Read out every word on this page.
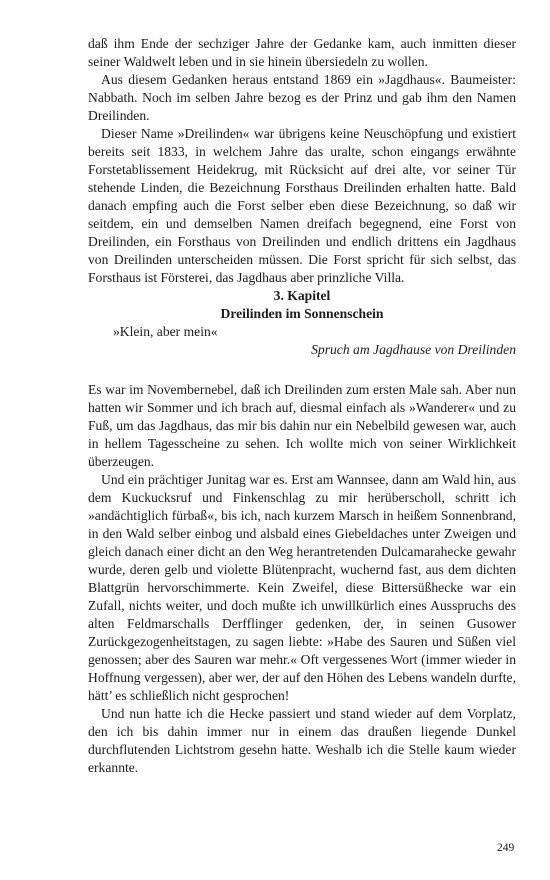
daß ihm Ende der sechziger Jahre der Gedanke kam, auch inmitten dieser seiner Waldwelt leben und in sie hinein übersiedeln zu wollen.

Aus diesem Gedanken heraus entstand 1869 ein »Jagdhaus«. Baumeister: Nabbath. Noch im selben Jahre bezog es der Prinz und gab ihm den Namen Dreilinden.

Dieser Name »Dreilinden« war übrigens keine Neuschöpfung und existiert bereits seit 1833, in welchem Jahre das uralte, schon eingangs erwähnte Forstetablissement Heidekrug, mit Rücksicht auf drei alte, vor seiner Tür stehende Linden, die Bezeichnung Forsthaus Dreilinden erhalten hatte. Bald danach empfing auch die Forst selber eben diese Bezeichnung, so daß wir seitdem, ein und demselben Namen dreifach begegnend, eine Forst von Dreilinden, ein Forsthaus von Dreilinden und endlich drittens ein Jagdhaus von Dreilinden unterscheiden müssen. Die Forst spricht für sich selbst, das Forsthaus ist Försterei, das Jagdhaus aber prinzliche Villa.

3. Kapitel

Dreilinden im Sonnenschein

»Klein, aber mein«

Spruch am Jagdhause von Dreilinden

Es war im Novembernebel, daß ich Dreilinden zum ersten Male sah. Aber nun hatten wir Sommer und ich brach auf, diesmal einfach als »Wanderer« und zu Fuß, um das Jagdhaus, das mir bis dahin nur ein Nebelbild gewesen war, auch in hellem Tagesscheine zu sehen. Ich wollte mich von seiner Wirklichkeit überzeugen.

Und ein prächtiger Junitag war es. Erst am Wannsee, dann am Wald hin, aus dem Kuckucksruf und Finkenschlag zu mir herüberscholl, schritt ich »andächtiglich fürbaß«, bis ich, nach kurzem Marsch in heißem Sonnenbrand, in den Wald selber einbog und alsbald eines Giebeldaches unter Zweigen und gleich danach einer dicht an den Weg herantretenden Dulcamarahecke gewahr wurde, deren gelb und violette Blütenpracht, wuchernd fast, aus dem dichten Blattgrün hervorschimmerte. Kein Zweifel, diese Bittersüßhecke war ein Zufall, nichts weiter, und doch mußte ich unwillkürlich eines Ausspruchs des alten Feldmarschalls Derfflinger gedenken, der, in seinen Gusower Zurückgezogenheitstagen, zu sagen liebte: »Habe des Sauren und Süßen viel genossen; aber des Sauren war mehr.« Oft vergessenes Wort (immer wieder in Hoffnung vergessen), aber wer, der auf den Höhen des Lebens wandeln durfte, hätt’ es schließlich nicht gesprochen!

Und nun hatte ich die Hecke passiert und stand wieder auf dem Vorplatz, den ich bis dahin immer nur in einem das draußen liegende Dunkel durchflutenden Lichtstrom gesehn hatte. Weshalb ich die Stelle kaum wieder erkannte.

249
